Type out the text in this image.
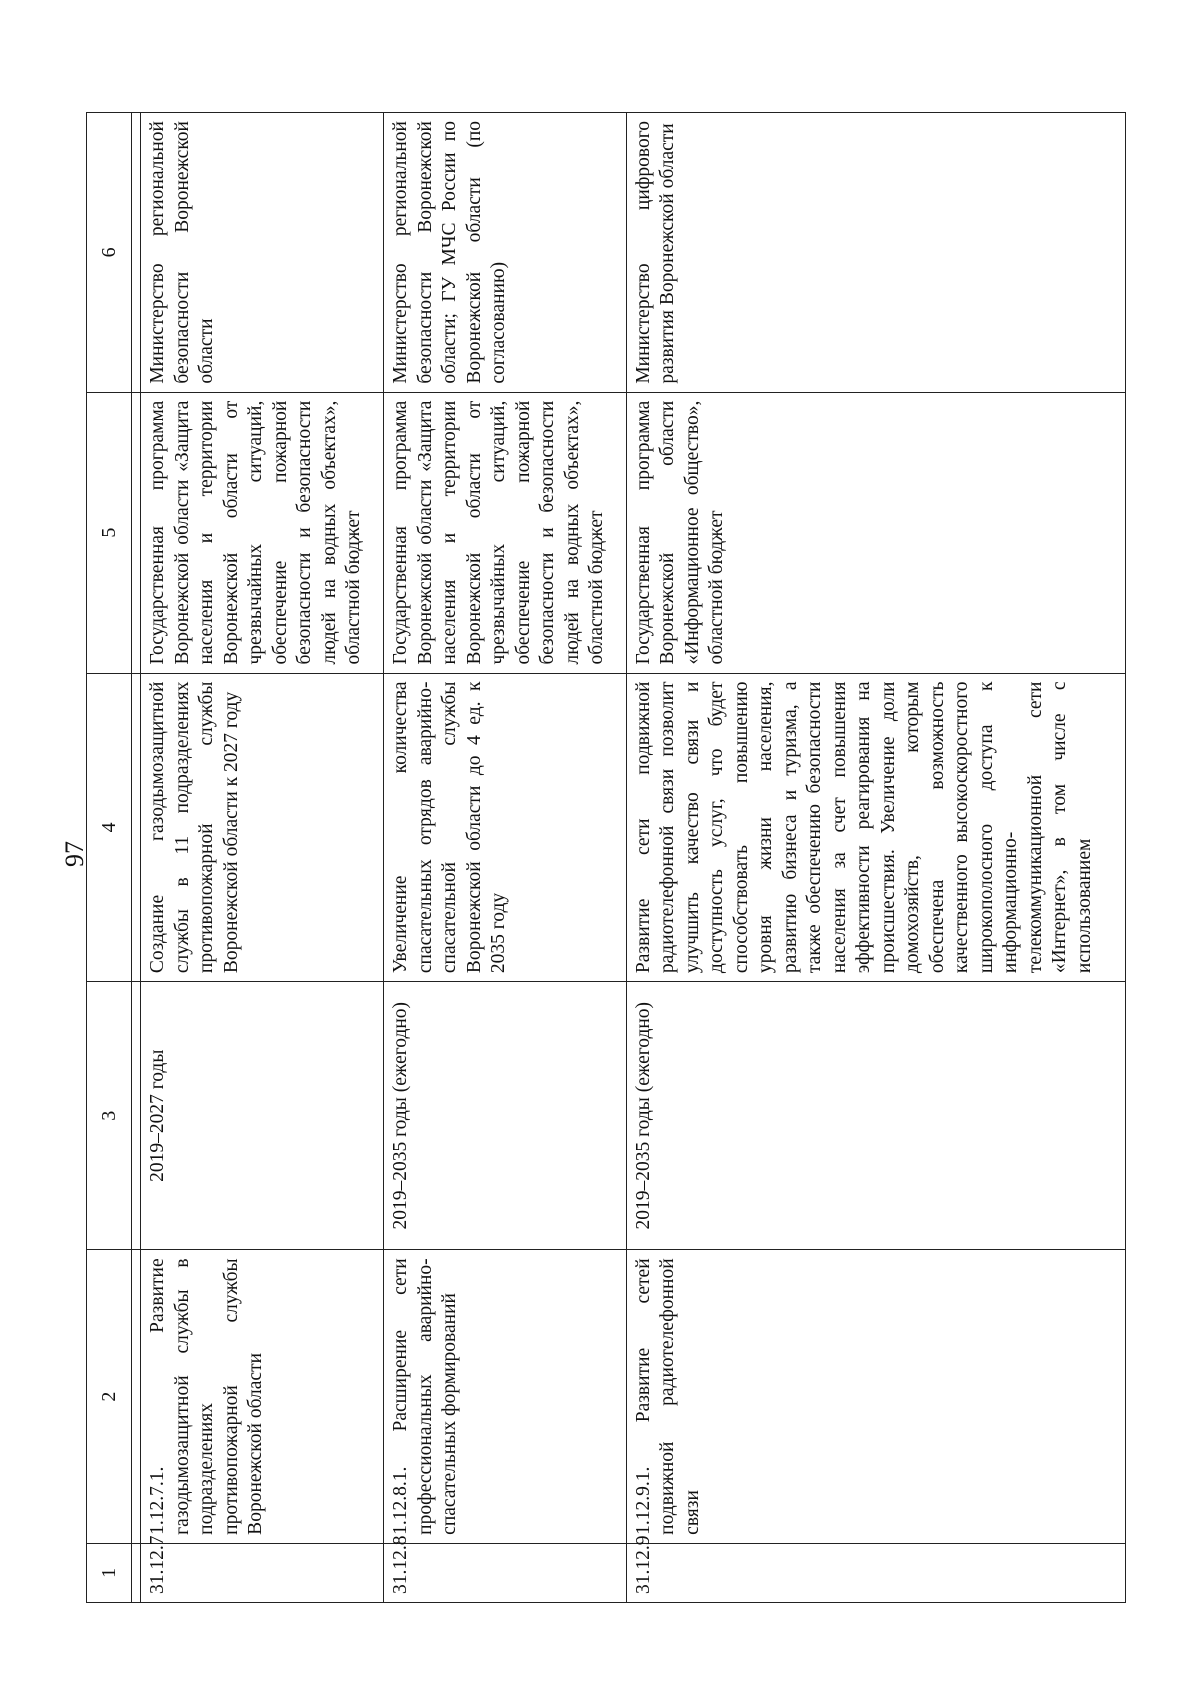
97
1	2	3	4	5	6

31.12.7	1.12.7.1. Развитие газодымозащитной службы в подразделениях противопожарной службы Воронежской области	2019–2027 годы	Создание газодымозащитной службы в 11 подразделениях противопожарной службы Воронежской области к 2027 году	Государственная программа Воронежской области «Защита населения и территории Воронежской области от чрезвычайных ситуаций, обеспечение пожарной безопасности и безопасности людей на водных объектах», областной бюджет	Министерство региональной безопасности Воронежской области
31.12.8	1.12.8.1. Расширение сети профессиональных аварийно-спасательных формирований	2019–2035 годы (ежегодно)	Увеличение количества спасательных отрядов аварийно-спасательной службы Воронежской области до 4 ед. к 2035 году	Государственная программа Воронежской области «Защита населения и территории Воронежской области от чрезвычайных ситуаций, обеспечение пожарной безопасности и безопасности людей на водных объектах», областной бюджет	Министерство региональной безопасности Воронежской области; ГУ МЧС России по Воронежской области (по согласованию)
31.12.9	1.12.9.1. Развитие сетей подвижной радиотелефонной связи	2019–2035 годы (ежегодно)	Развитие сети подвижной радиотелефонной связи позволит улучшить качество связи и доступность услуг, что будет способствовать повышению уровня жизни населения, развитию бизнеса и туризма, а также обеспечению безопасности населения за счет повышения эффективности реагирования на происшествия. Увеличение доли домохозяйств, которым обеспечена возможность качественного высокоскоростного широкополосного доступа к информационно-телекоммуникационной сети «Интернет», в том числе с использованием	Государственная программа Воронежской области «Информационное общество», областной бюджет	Министерство цифрового развития Воронежской области
